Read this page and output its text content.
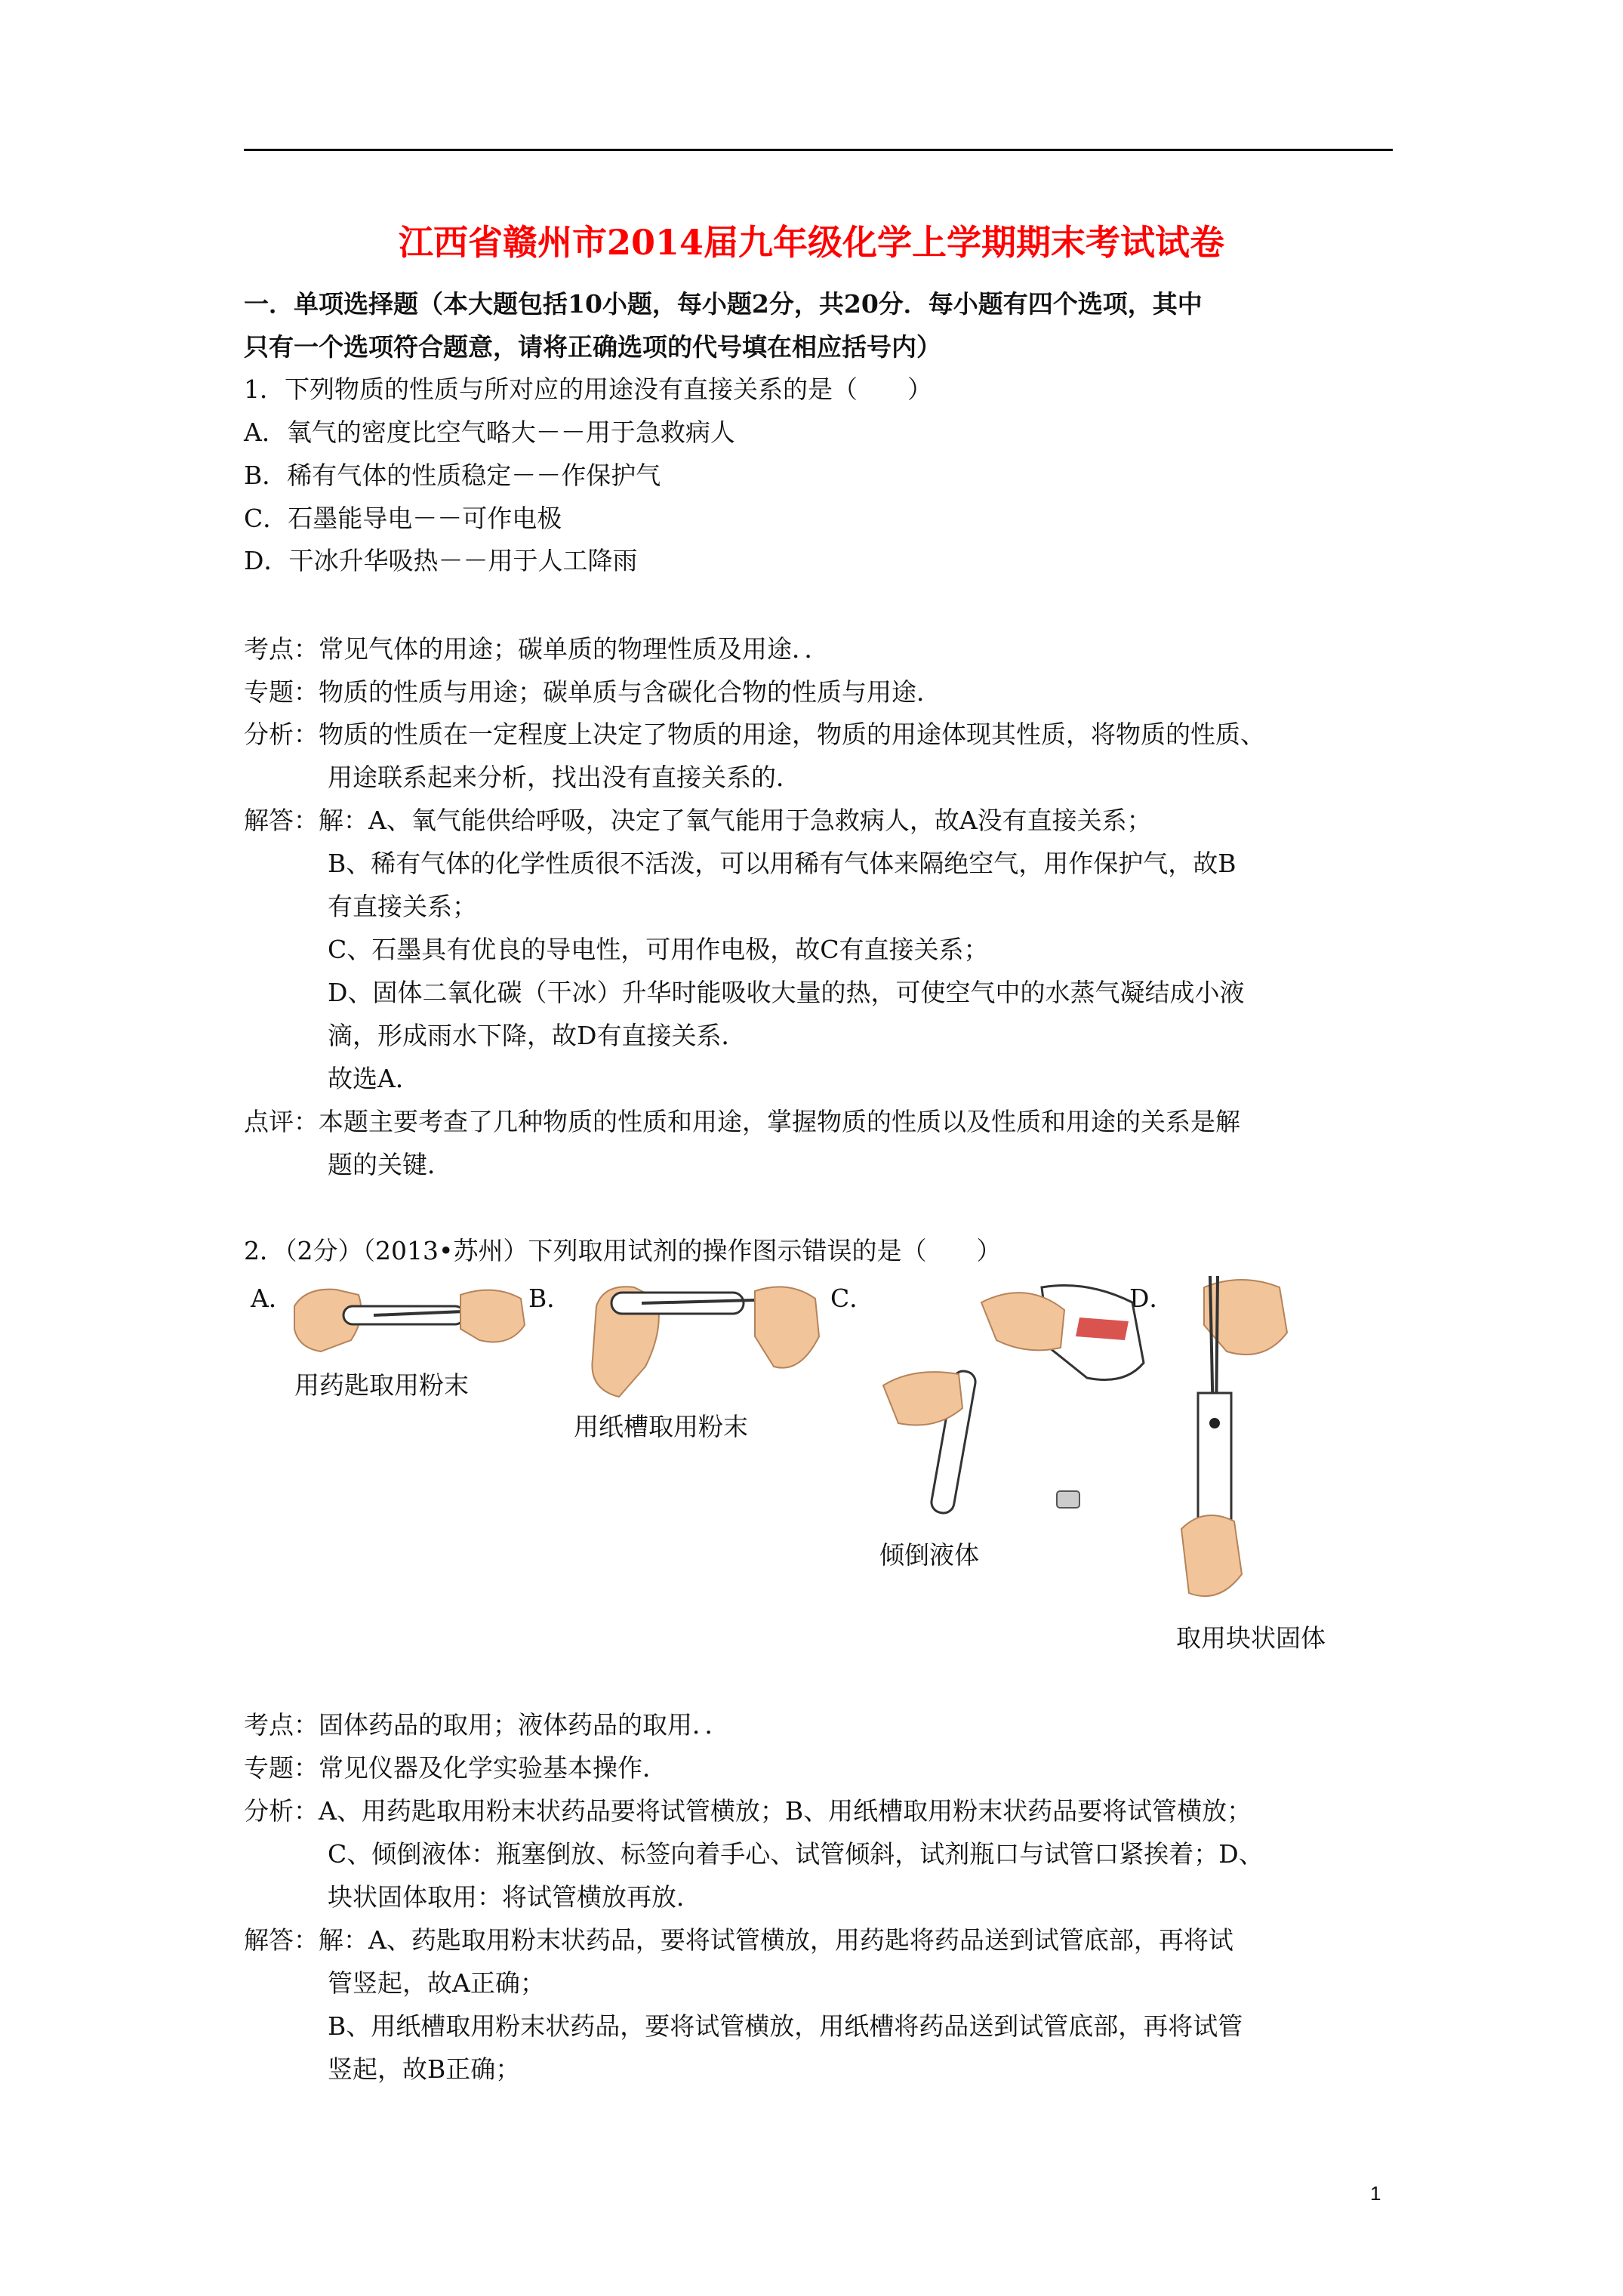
江西省赣州市2014届九年级化学上学期期末考试试卷
一．单项选择题（本大题包括10小题，每小题2分，共20分．每小题有四个选项，其中
只有一个选项符合题意，请将正确选项的代号填在相应括号内）
1．下列物质的性质与所对应的用途没有直接关系的是（　　）
A．氧气的密度比空气略大－－用于急救病人
B．稀有气体的性质稳定－－作保护气
C．石墨能导电－－可作电极
D．干冰升华吸热－－用于人工降雨
考点：常见气体的用途；碳单质的物理性质及用途．．
专题：物质的性质与用途；碳单质与含碳化合物的性质与用途．
分析：物质的性质在一定程度上决定了物质的用途，物质的用途体现其性质，将物质的性质、
用途联系起来分析，找出没有直接关系的．
解答：解：A、氧气能供给呼吸，决定了氧气能用于急救病人，故A没有直接关系；
B、稀有气体的化学性质很不活泼，可以用稀有气体来隔绝空气，用作保护气，故B
有直接关系；
C、石墨具有优良的导电性，可用作电极，故C有直接关系；
D、固体二氧化碳（干冰）升华时能吸收大量的热，可使空气中的水蒸气凝结成小液
滴，形成雨水下降，故D有直接关系．
故选A．
点评：本题主要考查了几种物质的性质和用途，掌握物质的性质以及性质和用途的关系是解
题的关键．
2．（2分）（2013•苏州）下列取用试剂的操作图示错误的是（　　）
A．	B．	C．	D．
用药匙取用粉末
用纸槽取用粉末
倾倒液体
取用块状固体
考点：固体药品的取用；液体药品的取用．．
专题：常见仪器及化学实验基本操作．
分析：A、用药匙取用粉末状药品要将试管横放；B、用纸槽取用粉末状药品要将试管横放；
C、倾倒液体：瓶塞倒放、标签向着手心、试管倾斜，试剂瓶口与试管口紧挨着；D、
块状固体取用：将试管横放再放．
解答：解：A、药匙取用粉末状药品，要将试管横放，用药匙将药品送到试管底部，再将试
管竖起，故A正确；
B、用纸槽取用粉末状药品，要将试管横放，用纸槽将药品送到试管底部，再将试管
竖起，故B正确；
1
